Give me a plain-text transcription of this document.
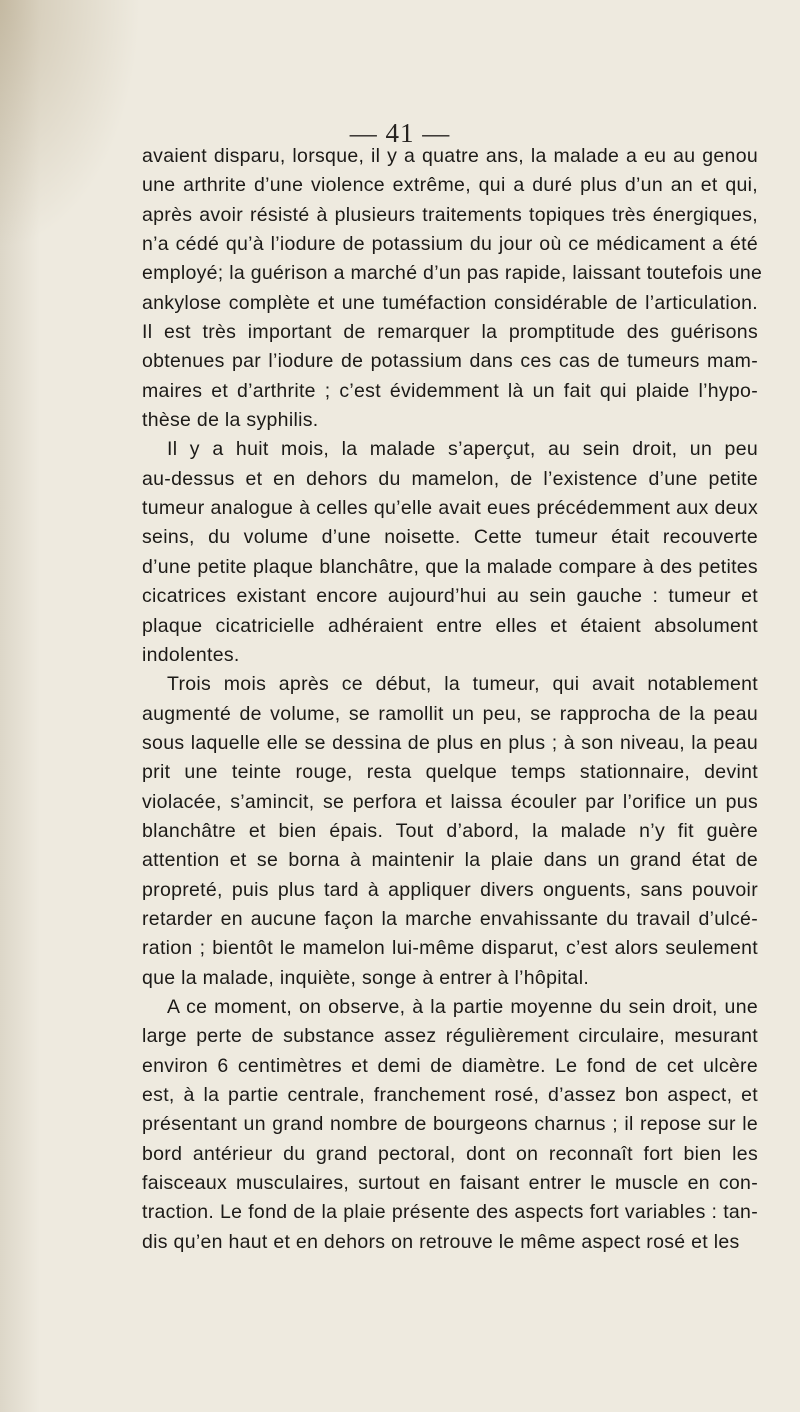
— 41 —
avaient disparu, lorsque, il y a quatre ans, la malade a eu au genou
une arthrite d’une violence extrême, qui a duré plus d’un an et qui,
après avoir résisté à plusieurs traitements topiques très énergiques,
n’a cédé qu’à l’iodure de potassium du jour où ce médicament a été
employé; la guérison a marché d’un pas rapide, laissant toutefois une
ankylose complète et une tuméfaction considérable de l’articulation.
Il est très important de remarquer la promptitude des guérisons
obtenues par l’iodure de potassium dans ces cas de tumeurs mam-
maires et d’arthrite ; c’est évidemment là un fait qui plaide l’hypo-
thèse de la syphilis.
Il y a huit mois, la malade s’aperçut, au sein droit, un peu
au-dessus et en dehors du mamelon, de l’existence d’une petite
tumeur analogue à celles qu’elle avait eues précédemment aux deux
seins, du volume d’une noisette. Cette tumeur était recouverte
d’une petite plaque blanchâtre, que la malade compare à des petites
cicatrices existant encore aujourd’hui au sein gauche : tumeur et
plaque cicatricielle adhéraient entre elles et étaient absolument
indolentes.
Trois mois après ce début, la tumeur, qui avait notablement
augmenté de volume, se ramollit un peu, se rapprocha de la peau
sous laquelle elle se dessina de plus en plus ; à son niveau, la peau
prit une teinte rouge, resta quelque temps stationnaire, devint
violacée, s’amincit, se perfora et laissa écouler par l’orifice un pus
blanchâtre et bien épais. Tout d’abord, la malade n’y fit guère
attention et se borna à maintenir la plaie dans un grand état de
propreté, puis plus tard à appliquer divers onguents, sans pouvoir
retarder en aucune façon la marche envahissante du travail d’ulcé-
ration ; bientôt le mamelon lui-même disparut, c’est alors seulement
que la malade, inquiète, songe à entrer à l’hôpital.
A ce moment, on observe, à la partie moyenne du sein droit, une
large perte de substance assez régulièrement circulaire, mesurant
environ 6 centimètres et demi de diamètre. Le fond de cet ulcère
est, à la partie centrale, franchement rosé, d’assez bon aspect, et
présentant un grand nombre de bourgeons charnus ; il repose sur le
bord antérieur du grand pectoral, dont on reconnaît fort bien les
faisceaux musculaires, surtout en faisant entrer le muscle en con-
traction. Le fond de la plaie présente des aspects fort variables : tan-
dis qu’en haut et en dehors on retrouve le même aspect rosé et les
